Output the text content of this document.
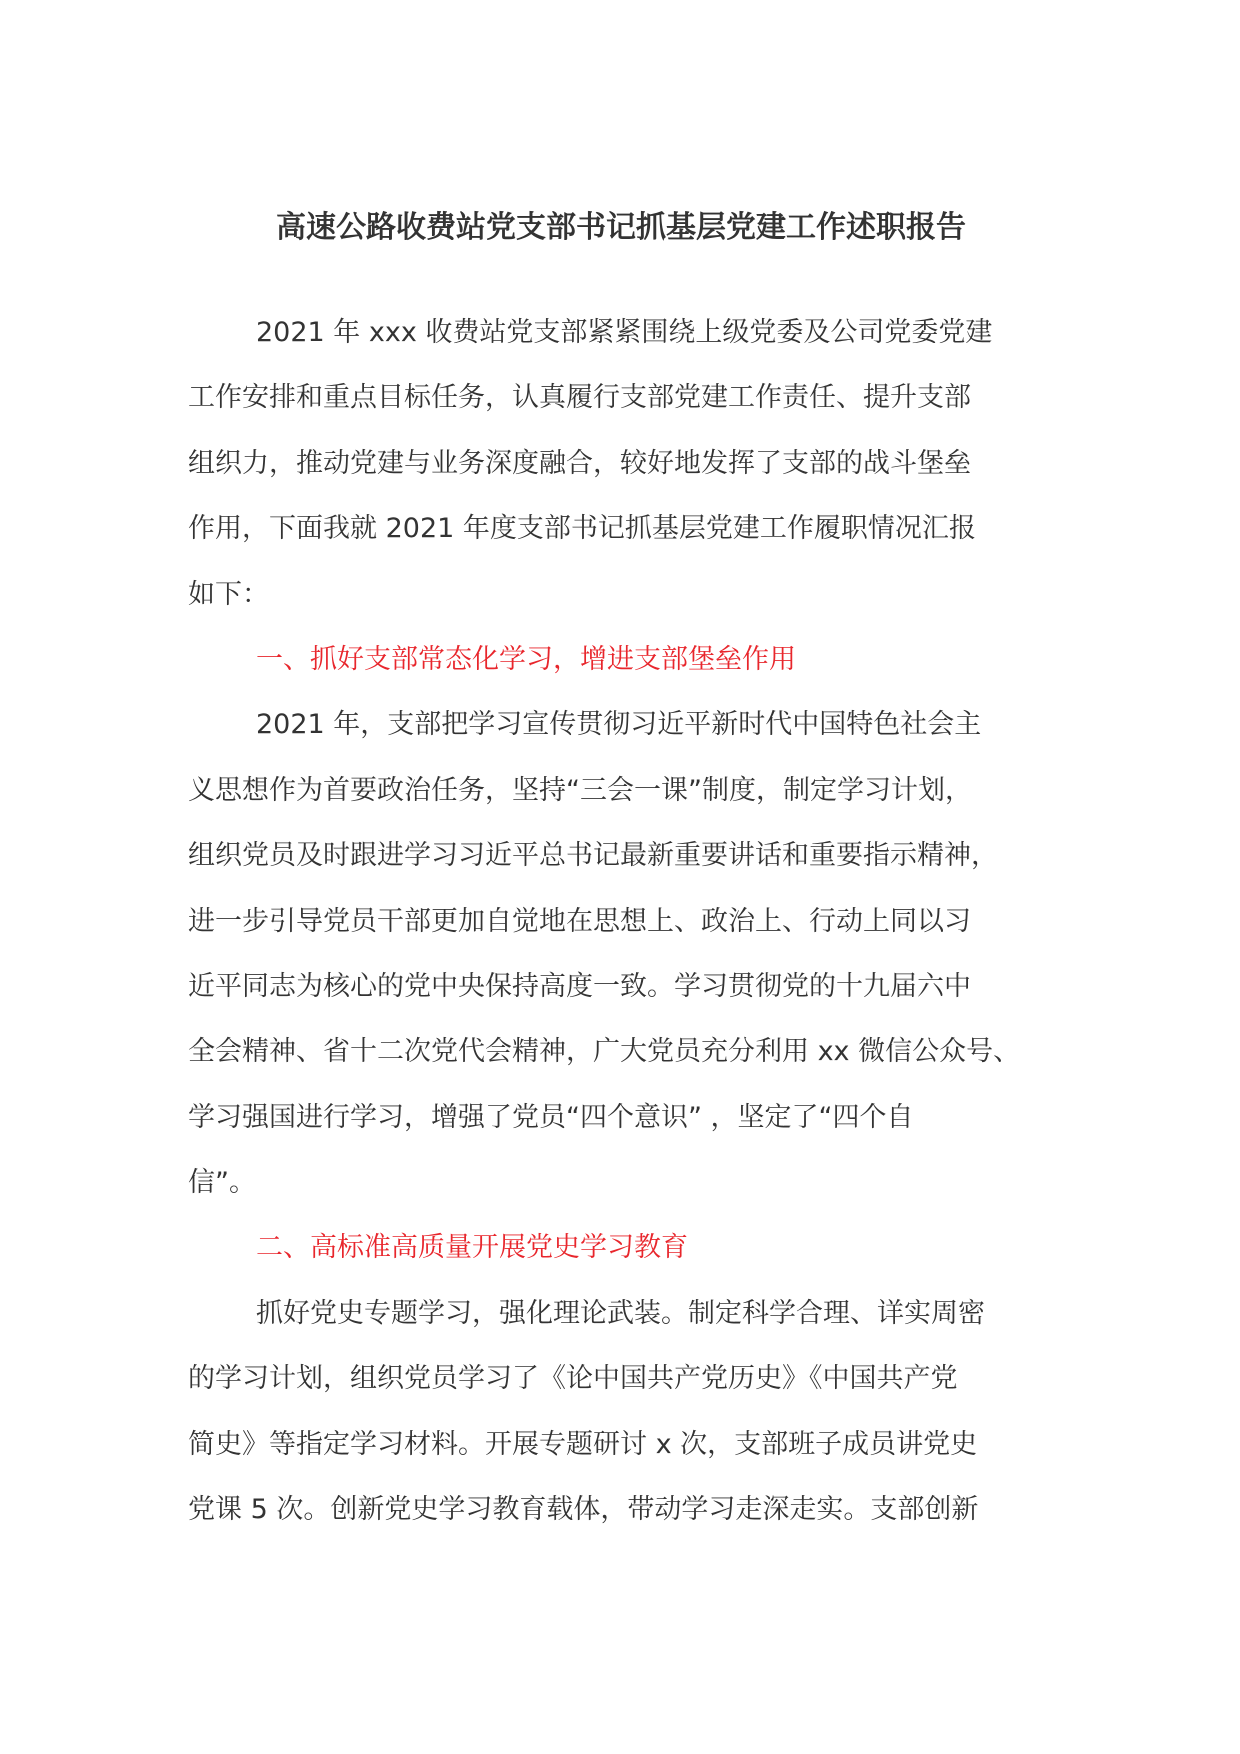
高速公路收费站党支部书记抓基层党建工作述职报告
2021 年 xxx 收费站党支部紧紧围绕上级党委及公司党委党建
工作安排和重点目标任务，认真履行支部党建工作责任、提升支部
组织力，推动党建与业务深度融合，较好地发挥了支部的战斗堡垒
作用，下面我就 2021 年度支部书记抓基层党建工作履职情况汇报
如下：
一、抓好支部常态化学习，增进支部堡垒作用
2021 年，支部把学习宣传贯彻习近平新时代中国特色社会主
义思想作为首要政治任务，坚持“三会一课”制度，制定学习计划，
组织党员及时跟进学习习近平总书记最新重要讲话和重要指示精神，
进一步引导党员干部更加自觉地在思想上、政治上、行动上同以习
近平同志为核心的党中央保持高度一致。学习贯彻党的十九届六中
全会精神、省十二次党代会精神，广大党员充分利用 xx 微信公众号、
学习强国进行学习，增强了党员“四个意识” ，坚定了“四个自
信”。
二、高标准高质量开展党史学习教育
抓好党史专题学习，强化理论武装。制定科学合理、详实周密
的学习计划，组织党员学习了《论中国共产党历史》《中国共产党
简史》等指定学习材料。开展专题研讨 x 次，支部班子成员讲党史
党课 5 次。创新党史学习教育载体，带动学习走深走实。支部创新
